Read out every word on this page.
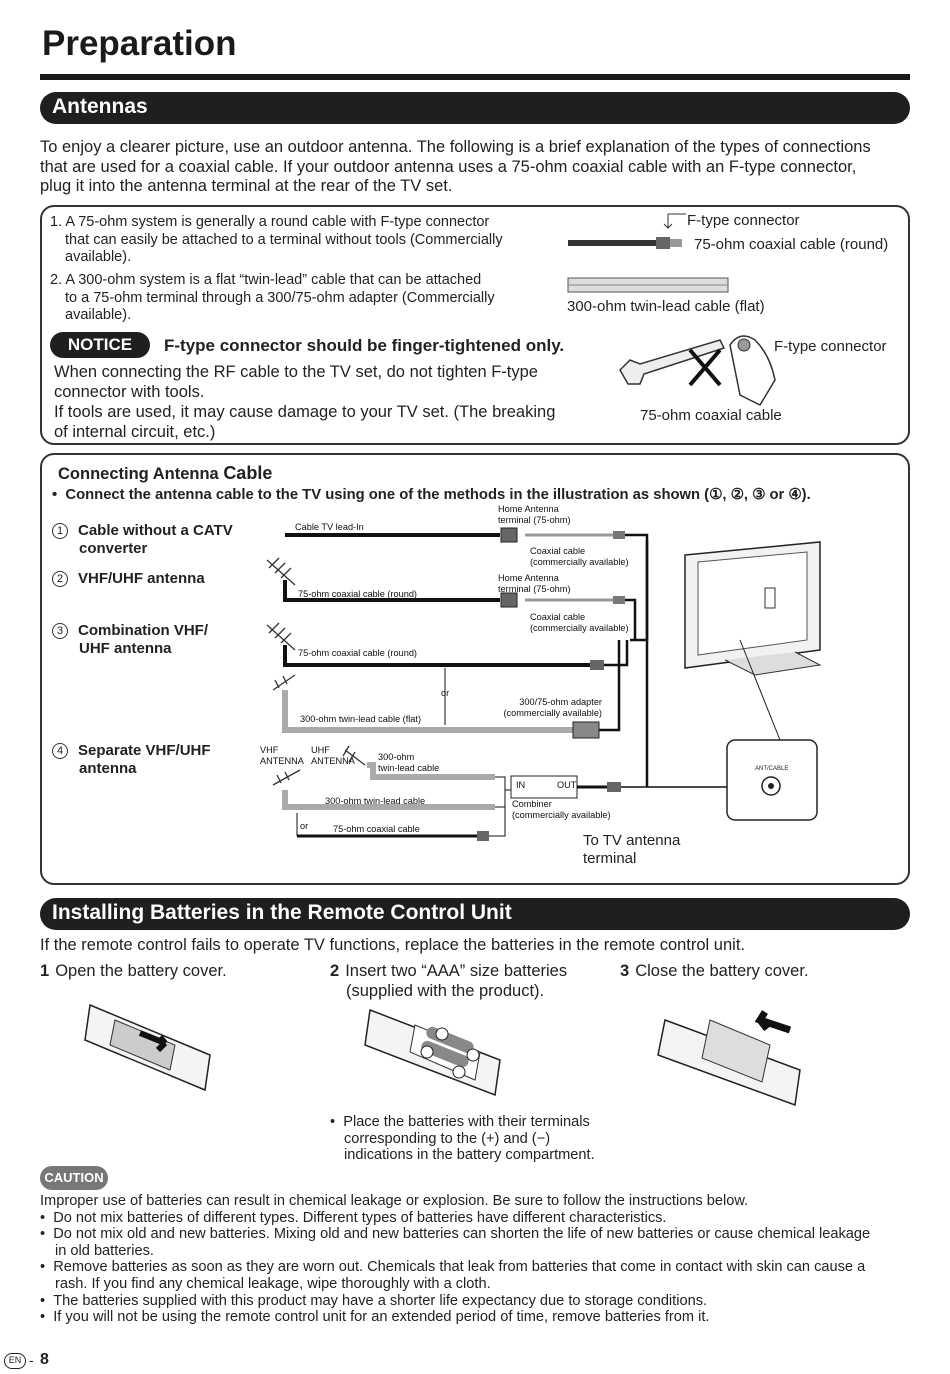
Preparation
Antennas
To enjoy a clearer picture, use an outdoor antenna. The following is a brief explanation of the types of connections
that are used for a coaxial cable. If your outdoor antenna uses a 75-ohm coaxial cable with an F-type connector,
plug it into the antenna terminal at the rear of the TV set.
1. A 75-ohm system is generally a round cable with F-type connector
that can easily be attached to a terminal without tools (Commercially
available).
2. A 300-ohm system is a flat “twin-lead” cable that can be attached
to a 75-ohm terminal through a 300/75-ohm adapter (Commercially
available).
F-type connector
75-ohm coaxial cable (round)
300-ohm twin-lead cable (flat)
F-type connector
75-ohm coaxial cable
NOTICE	F-type connector should be finger-tightened only.
When connecting the RF cable to the TV set, do not tighten F-type
connector with tools.
If tools are used, it may cause damage to your TV set. (The breaking
of internal circuit, etc.)
Connecting Antenna Cable
•  Connect the antenna cable to the TV using one of the methods in the illustration as shown (①, ②, ③ or ④).
1 Cable without a CATV
converter
2 VHF/UHF antenna
3 Combination VHF/
UHF antenna
4 Separate VHF/UHF
antenna
Cable TV lead-In
Home Antenna
terminal (75-ohm)
Coaxial cable
(commercially available)
75-ohm coaxial cable (round)
Home Antenna
terminal (75-ohm)
Coaxial cable
(commercially available)
75-ohm coaxial cable (round)
or
300/75-ohm adapter
(commercially available)
300-ohm twin-lead cable (flat)
VHF
ANTENNA
UHF
ANTENNA	300-ohm
twin-lead cable
300-ohm twin-lead cable
or	75-ohm coaxial cable
IN	OUT
Combiner
(commercially available)
ANT/CABLE
To TV antenna
terminal
Installing Batteries in the Remote Control Unit
If the remote control fails to operate TV functions, replace the batteries in the remote control unit.
1 Open the battery cover.	2 Insert two “AAA” size batteries
(supplied with the product).
3 Close the battery cover.
•  Place the batteries with their terminals
corresponding to the (+) and (−)
indications in the battery compartment.
CAUTION
Improper use of batteries can result in chemical leakage or explosion. Be sure to follow the instructions below.
•  Do not mix batteries of different types. Different types of batteries have different characteristics.
•  Do not mix old and new batteries. Mixing old and new batteries can shorten the life of new batteries or cause chemical leakage
in old batteries.
•  Remove batteries as soon as they are worn out. Chemicals that leak from batteries that come in contact with skin can cause a
rash. If you find any chemical leakage, wipe thoroughly with a cloth.
•  The batteries supplied with this product may have a shorter life expectancy due to storage conditions.
•  If you will not be using the remote control unit for an extended period of time, remove batteries from it.
EN - 8
